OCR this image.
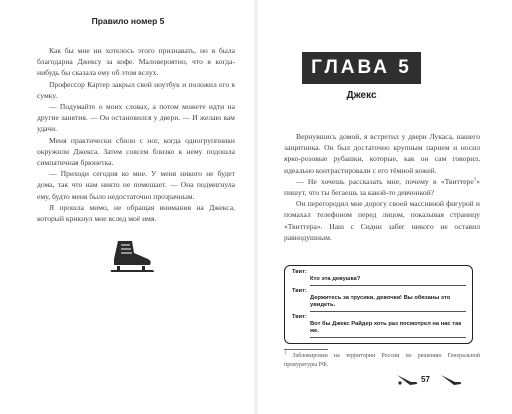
Правило номер 5

Как бы мне ни хотелось этого признавать, но я была благодарна Джексу за кофе. Маловероятно, что я когда-нибудь бы сказала ему об этом вслух.

Профессор Картер закрыл свой ноутбук и положил его в сумку.

— Подумайте о моих словах, а потом можете идти на другие занятия. — Он остановился у двери. — И желаю вам удачи.

Меня практически сбили с ног, когда одногруппники окружили Джекса. Затем совсем близко к нему подошла симпатичная брюнетка.

— Приходи сегодня ко мне. У меня никого не будет дома, так что нам никто не помешает. — Она подмигнула ему, будто меня было недостаточно прозрачным.

Я прошла мимо, не обращая внимания на Джекса, который крикнул мне вслед моё имя.

ГЛАВА 5
Джекс

Вернувшись домой, я встретил у двери Лукаса, нашего защитника. Он был достаточно крупным парнем и носил ярко-розовые рубашки, которые, как он сам говорил, идеально контрастировали с его тёмной кожей.

— Не хочешь рассказать мне, почему в «Твиттере$^1$» пишут, что ты бегаешь за какой-то девчонкой?

Он перегородил мне дорогу своей массивной фигурой и помахал телефоном перед лицом, показывая страницу «Твиттера». Наш с Сидни забег никого не оставил равнодушным.

Твит:
Кто эта девушка?
Твит:
Держитесь за трусики, девочки! Вы обязаны это увидеть.
Твит:
Вот бы Джекс Райдер хоть раз посмотрел на нас так же.
$^1$ Заблокирован на территории России по решению Генеральной прокуратуры РФ.
57
